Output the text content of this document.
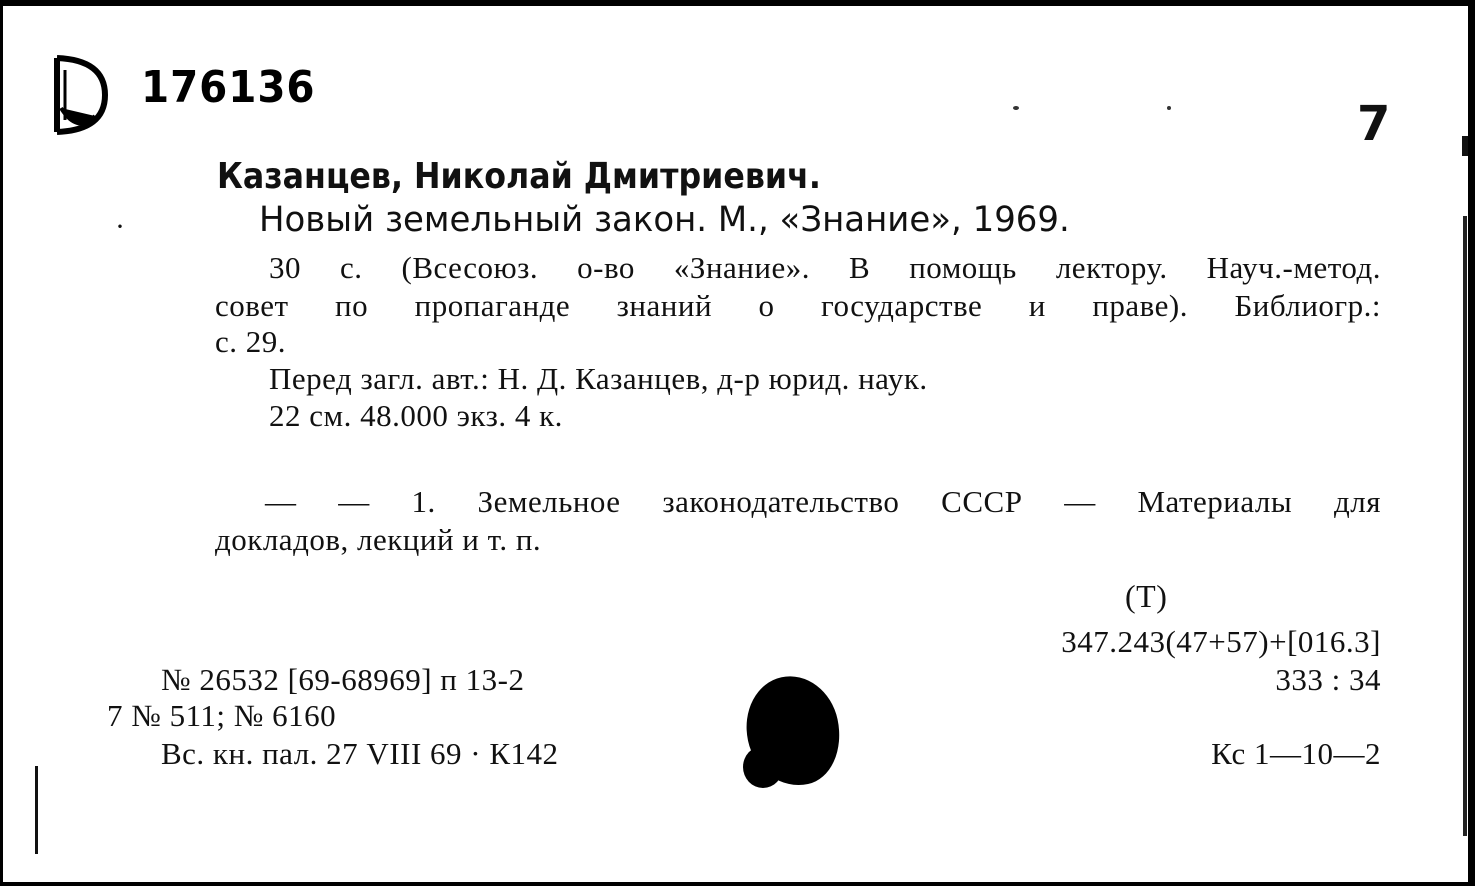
176136
7
Казанцев, Николай Дмитриевич.
·	Новый земельный закон. М., «Знание», 1969.
30 с. (Всесоюз. о-во «Знание». В помощь лектору. Науч.-метод.
совет по пропаганде знаний о государстве и праве). Библиогр.:
с. 29.
Перед загл. авт.: Н. Д. Казанцев, д-р юрид. наук.
22 см. 48.000 экз. 4 к.
— — 1. Земельное законодательство СССР — Материалы для
докладов, лекций и т. п.
(Т)
347.243(47+57)+[016.3]
333 : 34
№ 26532 [69-68969] п 13-2
7 № 511; № 6160
Вс. кн. пал. 27 VIII 69 · К142	Кс 1—10—2
